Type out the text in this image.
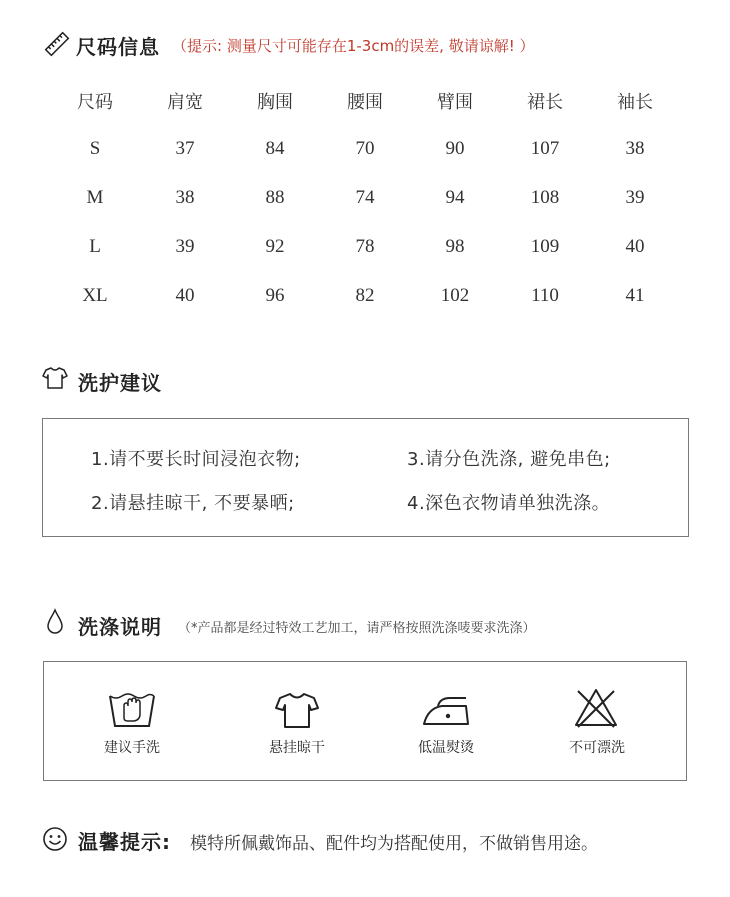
尺码信息 （提示: 测量尺寸可能存在1-3cm的误差, 敬请谅解! ）
尺码	肩宽	胸围	腰围	臂围	裙长	袖长

S	37	84	70	90	107	38
M	38	88	74	94	108	39
L	39	92	78	98	109	40
XL	40	96	82	102	110	41
洗护建议
1.请不要长时间浸泡衣物;	3.请分色洗涤, 避免串色;
2.请悬挂晾干, 不要暴晒;	4.深色衣物请单独洗涤。
洗涤说明 （*产品都是经过特效工艺加工，请严格按照洗涤唛要求洗涤）
建议手洗	悬挂晾干	低温熨烫	不可漂洗
温馨提示: 模特所佩戴饰品、配件均为搭配使用，不做销售用途。
